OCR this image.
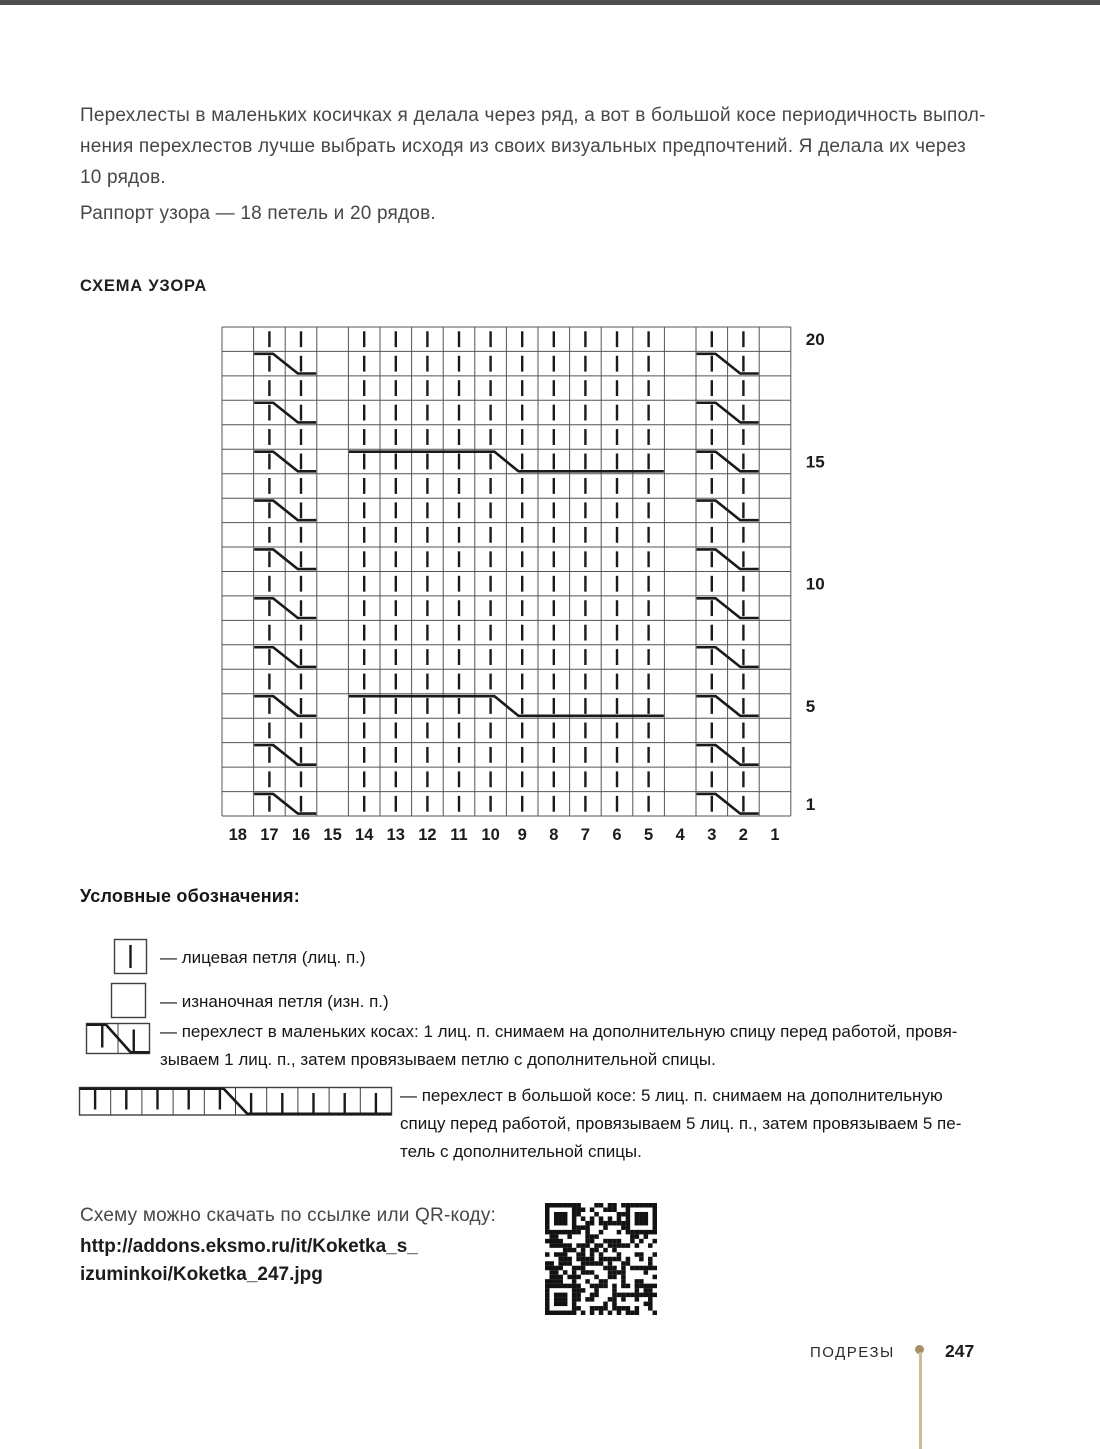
Перехлесты в маленьких косичках я делала через ряд, а вот в большой косе периодичность выпол-
нения перехлестов лучше выбрать исходя из своих визуальных предпочтений. Я делала их через
10 рядов.
Раппорт узора — 18 петель и 20 рядов.
СХЕМА УЗОРА
20
15
10
5
1
18 17 16 15 14 13 12 11 10 9 8 7 6 5 4 3 2 1
Условные обозначения:
— лицевая петля (лиц. п.)
— изнаночная петля (изн. п.)
— перехлест в маленьких косах: 1 лиц. п. снимаем на дополнительную спицу перед работой, провя-
зываем 1 лиц. п., затем провязываем петлю с дополнительной спицы.
— перехлест в большой косе: 5 лиц. п. снимаем на дополнительную
спицу перед работой, провязываем 5 лиц. п., затем провязываем 5 пе-
тель с дополнительной спицы.
Схему можно скачать по ссылке или QR-коду:
http://addons.eksmo.ru/it/Koketka_s_
izuminkoi/Koketka_247.jpg
ПОДРЕЗЫ	247
